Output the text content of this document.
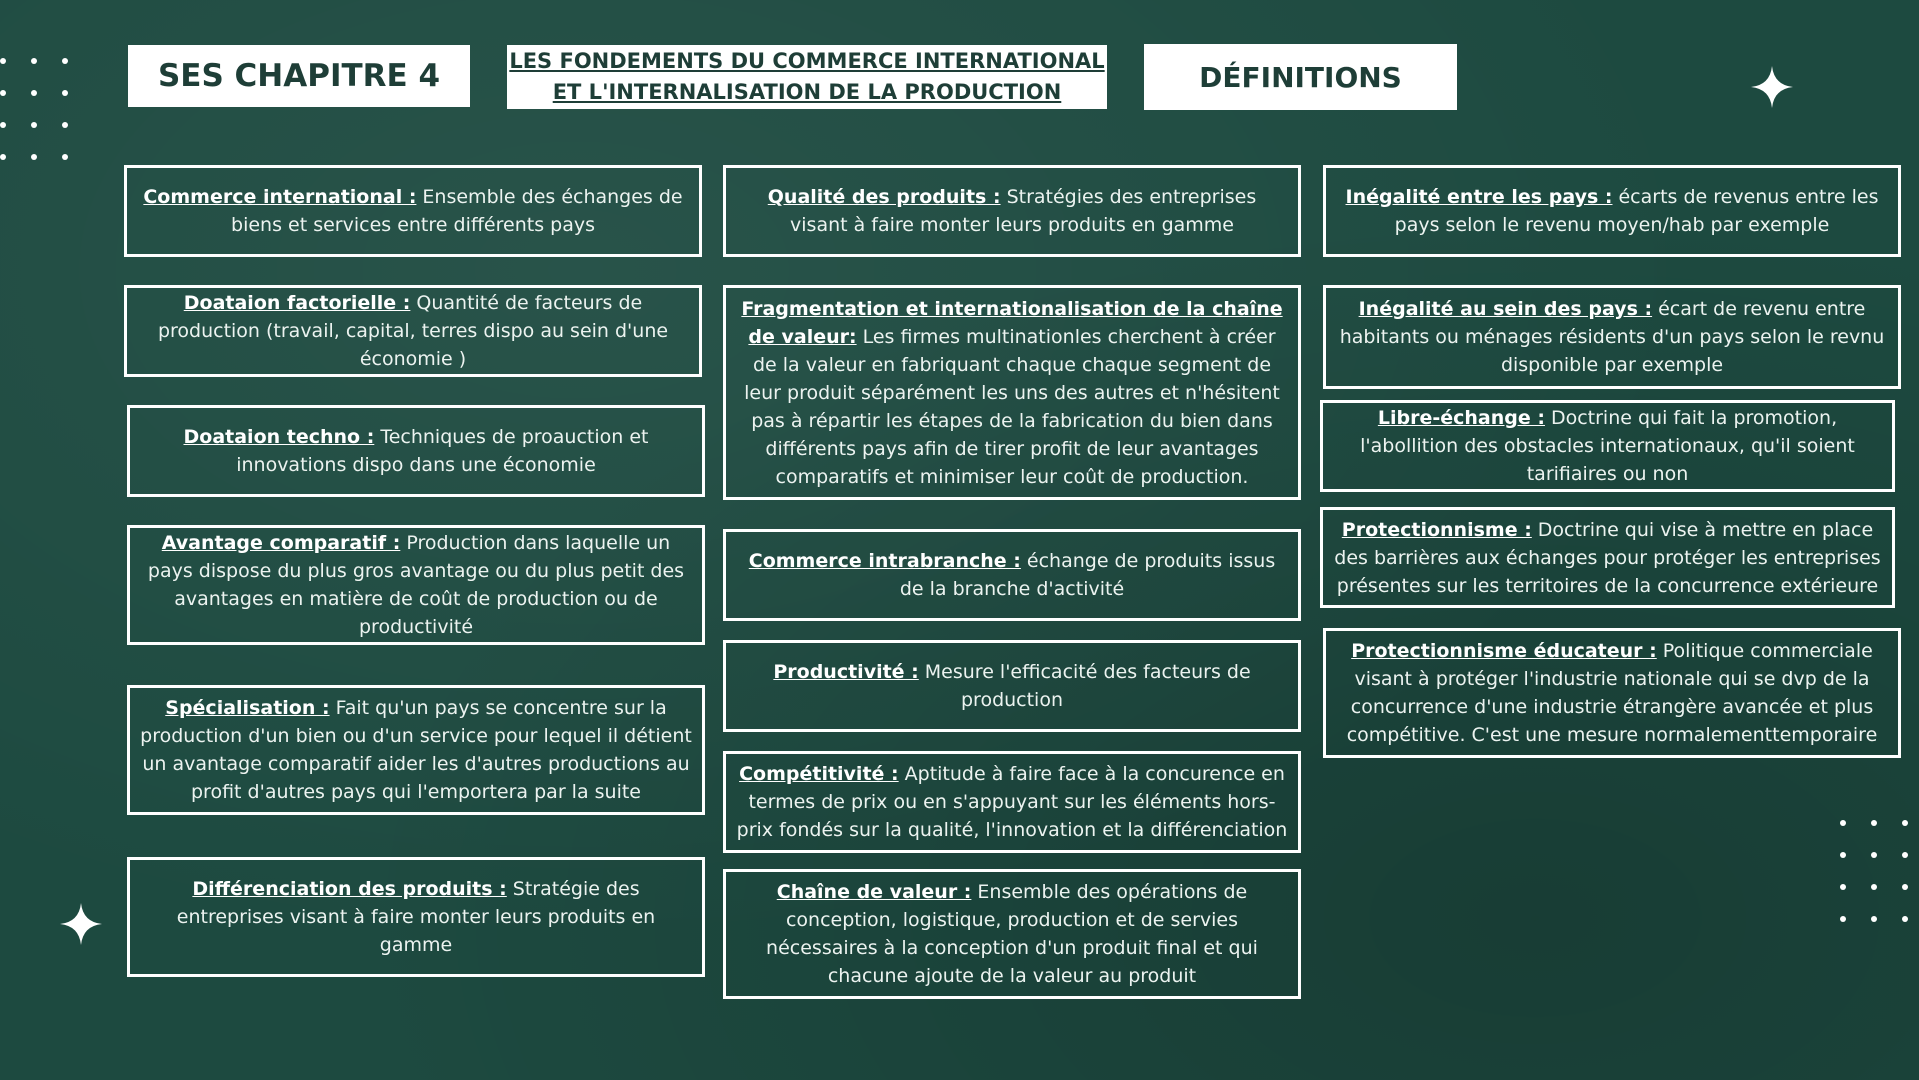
SES CHAPITRE 4	LES FONDEMENTS DU COMMERCE INTERNATIONAL
ET L'INTERNALISATION DE LA PRODUCTION	DÉFINITIONS

Commerce international : Ensemble des échanges de biens et services entre différents pays

Doataion factorielle : Quantité de facteurs de production (travail, capital, terres dispo au sein d'une économie )

Doataion techno : Techniques de proauction et innovations dispo dans une économie

Avantage comparatif : Production dans laquelle un pays dispose du plus gros avantage ou du plus petit des avantages en matière de coût de production ou de productivité

Spécialisation : Fait qu'un pays se concentre sur la production d'un bien ou d'un service pour lequel il détient un avantage comparatif aider les d'autres productions au profit d'autres pays qui l'emportera par la suite

Différenciation des produits : Stratégie des entreprises visant à faire monter leurs produits en gamme

Qualité des produits : Stratégies des entreprises visant à faire monter leurs produits en gamme

Fragmentation et internationalisation de la chaîne de valeur: Les firmes multinationles cherchent à créer de la valeur en fabriquant chaque chaque segment de leur produit séparément les uns des autres et n'hésitent pas à répartir les étapes de la fabrication du bien dans différents pays afin de tirer profit de leur avantages comparatifs et minimiser leur coût de production.

Commerce intrabranche : échange de produits issus de la branche d'activité

Productivité : Mesure l'efficacité des facteurs de production

Compétitivité : Aptitude à faire face à la concurence en termes de prix ou en s'appuyant sur les éléments hors-prix fondés sur la qualité, l'innovation et la différenciation

Chaîne de valeur : Ensemble des opérations de conception, logistique, production et de servies nécessaires à la conception d'un produit final et qui chacune ajoute de la valeur au produit

Inégalité entre les pays : écarts de revenus entre les pays selon le revenu moyen/hab par exemple

Inégalité au sein des pays : écart de revenu entre habitants ou ménages résidents d'un pays selon le revnu disponible par exemple

Libre-échange : Doctrine qui fait la promotion, l'abollition des obstacles internationaux, qu'il soient tarifiaires ou non

Protectionnisme : Doctrine qui vise à mettre en place des barrières aux échanges pour protéger les entreprises présentes sur les territoires de la concurrence extérieure

Protectionnisme éducateur : Politique commerciale visant à protéger l'industrie nationale qui se dvp de la concurrence d'une industrie étrangère avancée et plus compétitive. C'est une mesure normalementtemporaire
